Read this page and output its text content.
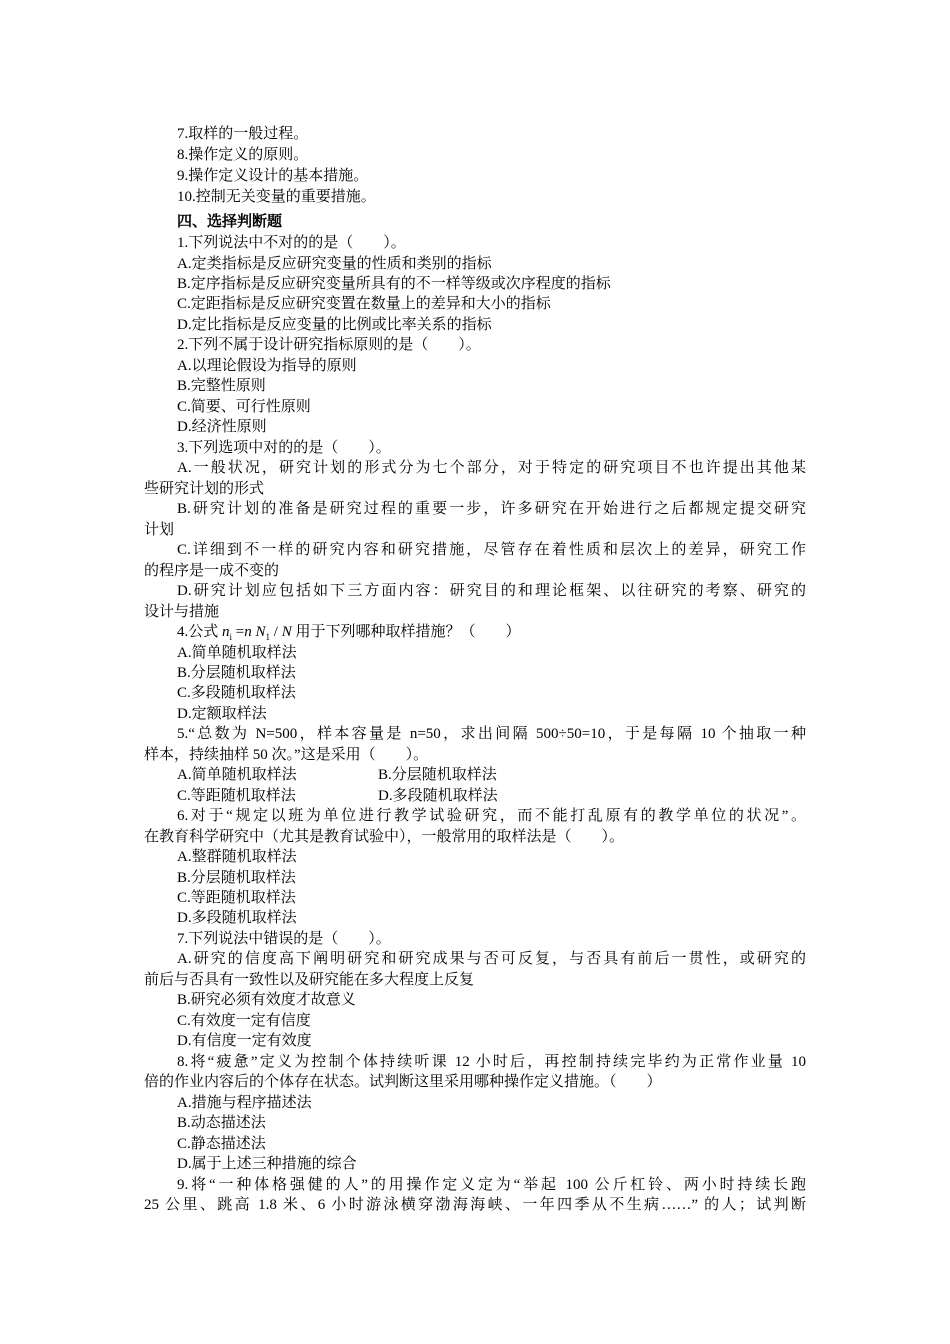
7.取样的一般过程。
8.操作定义的原则。
9.操作定义设计的基本措施。
10.控制无关变量的重要措施。
四、选择判断题
1.下列说法中不对的的是（　　）。
A.定类指标是反应研究变量的性质和类别的指标
B.定序指标是反应研究变量所具有的不一样等级或次序程度的指标
C.定距指标是反应研究变置在数量上的差异和大小的指标
D.定比指标是反应变量的比例或比率关系的指标
2.下列不属于设计研究指标原则的是（　　）。
A.以理论假设为指导的原则
B.完整性原则
C.简要、可行性原则
D.经济性原则
3.下列选项中对的的是（　　）。
A.一般状况，研究计划的形式分为七个部分，对于特定的研究项目不也许提出其他某
些研究计划的形式
B.研究计划的准备是研究过程的重要一步，许多研究在开始进行之后都规定提交研究
计划
C.详细到不一样的研究内容和研究措施，尽管存在着性质和层次上的差异，研究工作
的程序是一成不变的
D.研究计划应包括如下三方面内容：研究目的和理论框架、以往研究的考察、研究的
设计与措施
4.公式 $n_i =n$ $N_1$ / N 用于下列哪种取样措施？（　　）
A.简单随机取样法
B.分层随机取样法
C.多段随机取样法
D.定额取样法
5.“总数为 N=500，样本容量是 n=50，求出间隔 500÷50=10，于是每隔 10 个抽取一种
样本，持续抽样 50 次。”这是采用（　　）。
A.简单随机取样法	B.分层随机取样法
C.等距随机取样法	D.多段随机取样法
6.对于“规定以班为单位进行教学试验研究，而不能打乱原有的教学单位的状况”。
在教育科学研究中（尤其是教育试验中），一般常用的取样法是（　　）。
A.整群随机取样法
B.分层随机取样法
C.等距随机取样法
D.多段随机取样法
7.下列说法中错误的是（　　）。
A.研究的信度高下阐明研究和研究成果与否可反复，与否具有前后一贯性，或研究的
前后与否具有一致性以及研究能在多大程度上反复
B.研究必须有效度才故意义
C.有效度一定有信度
D.有信度一定有效度
8.将“疲惫”定义为控制个体持续听课 12 小时后，再控制持续完毕约为正常作业量 10
倍的作业内容后的个体存在状态。试判断这里采用哪种操作定义措施。（　　）
A.措施与程序描述法
B.动态描述法
C.静态描述法
D.属于上述三种措施的综合
9.将“一种体格强健的人”的用操作定义定为“举起 100 公斤杠铃、两小时持续长跑
25 公里、跳高 1.8 米、6 小时游泳横穿渤海海峡、一年四季从不生病……” 的人；试判断
